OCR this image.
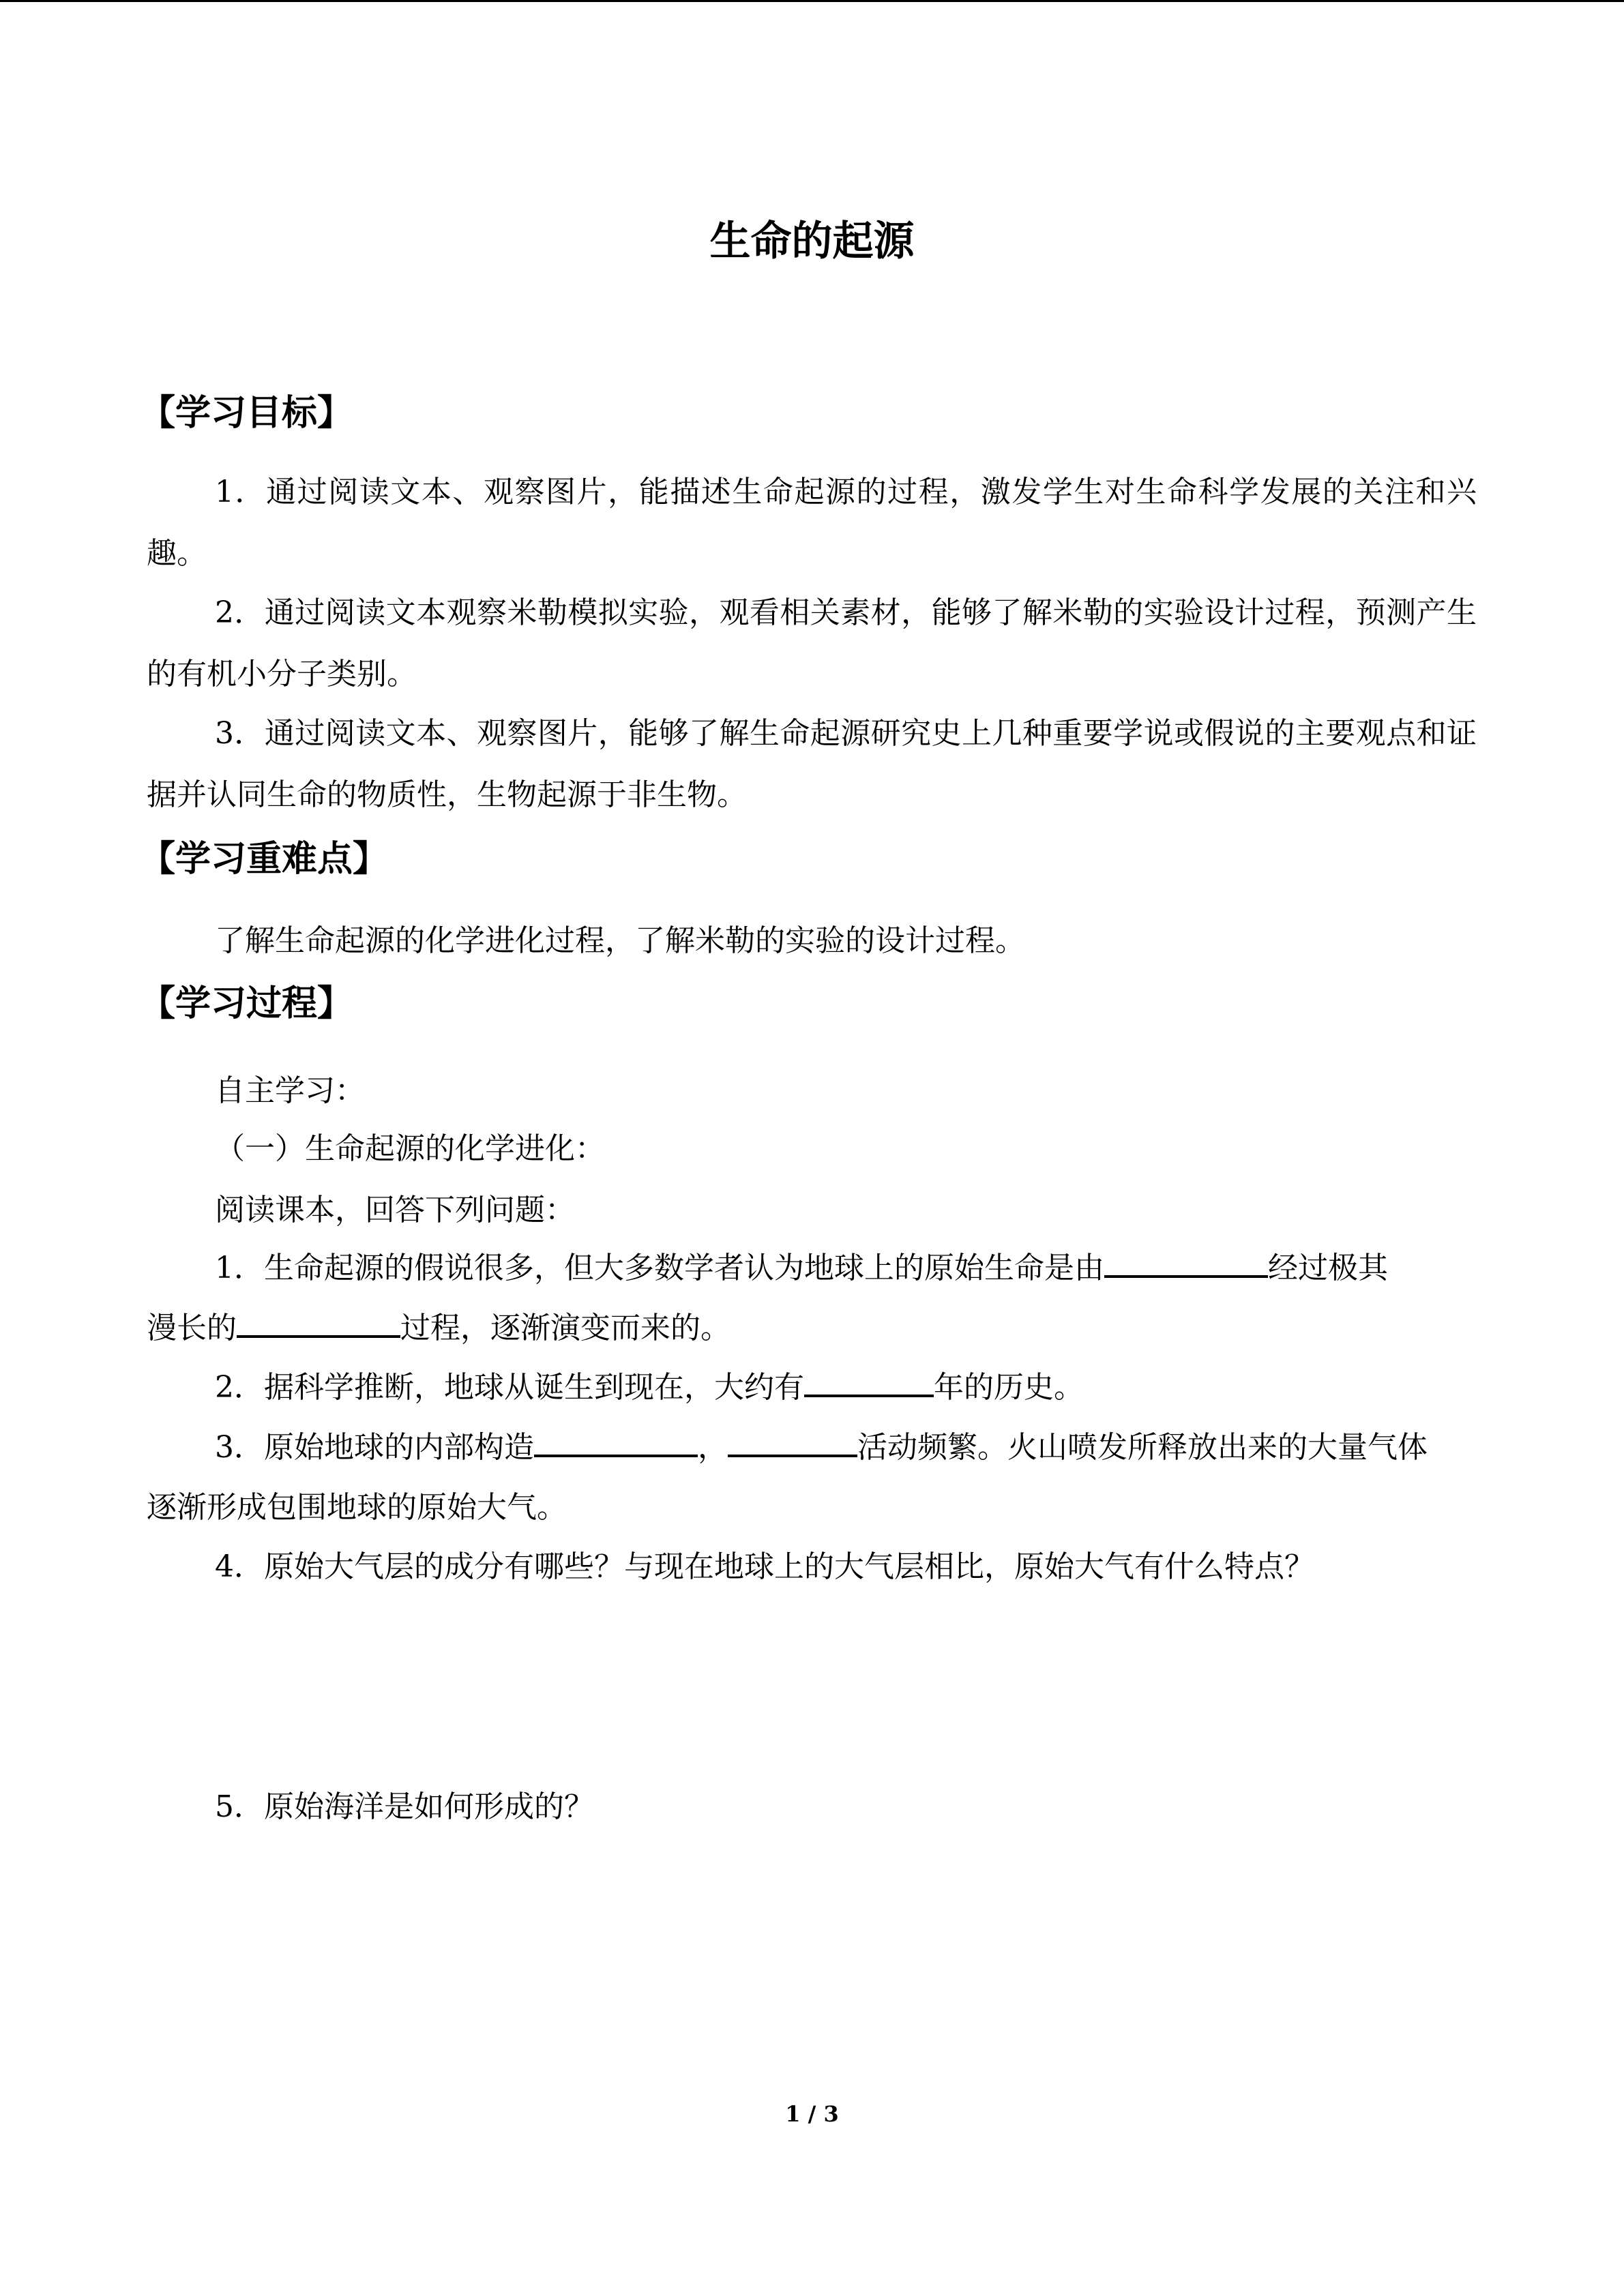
生命的起源
【学习目标】
1．通过阅读文本、观察图片，能描述生命起源的过程，激发学生对生命科学发展的关注和兴趣。
2．通过阅读文本观察米勒模拟实验，观看相关素材，能够了解米勒的实验设计过程，预测产生的有机小分子类别。
3．通过阅读文本、观察图片，能够了解生命起源研究史上几种重要学说或假说的主要观点和证据并认同生命的物质性，生物起源于非生物。
【学习重难点】
了解生命起源的化学进化过程，了解米勒的实验的设计过程。
【学习过程】
自主学习：
（一）生命起源的化学进化：
阅读课本，回答下列问题：
1．生命起源的假说很多，但大多数学者认为地球上的原始生命是由	经过极其
漫长的	过程，逐渐演变而来的。
2．据科学推断，地球从诞生到现在，大约有	年的历史。
3．原始地球的内部构造	，	活动频繁。火山喷发所释放出来的大量气体
逐渐形成包围地球的原始大气。
4．原始大气层的成分有哪些？与现在地球上的大气层相比，原始大气有什么特点？
5．原始海洋是如何形成的？
1 / 3
